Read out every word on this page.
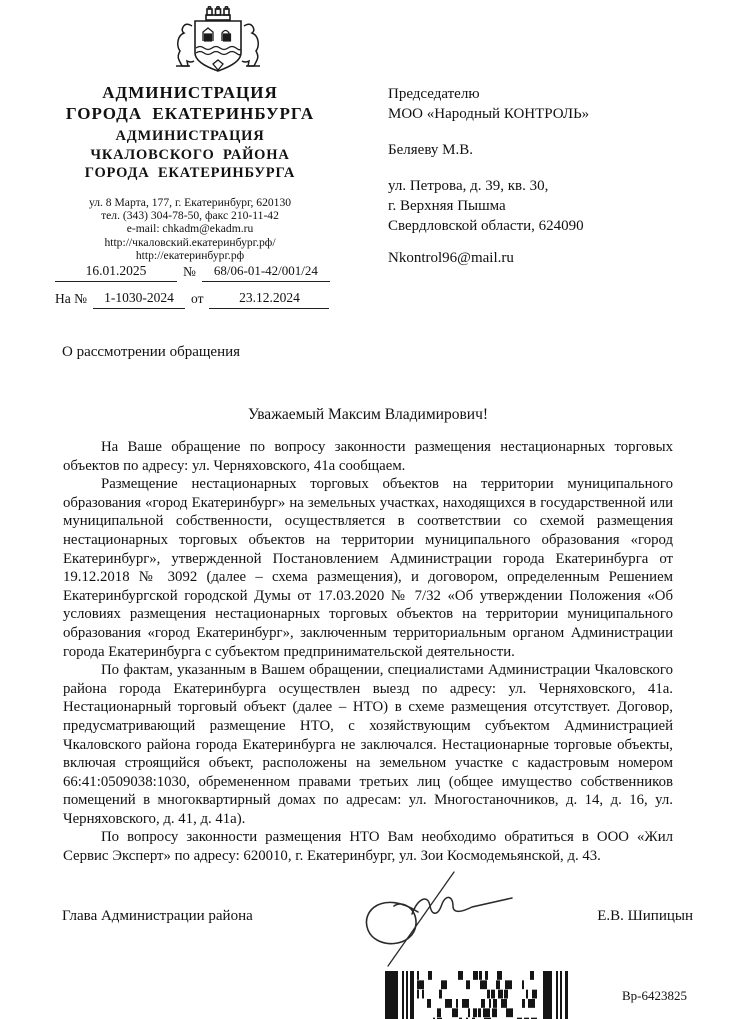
АДМИНИСТРАЦИЯ
ГОРОДА ЕКАТЕРИНБУРГА
АДМИНИСТРАЦИЯ
ЧКАЛОВСКОГО РАЙОНА
ГОРОДА ЕКАТЕРИНБУРГА
ул. 8 Марта, 177, г. Екатеринбург, 620130
тел. (343) 304-78-50, факс 210-11-42
e-mail: chkadm@ekadm.ru
http://чкаловский.екатеринбург.рф/
http://екатеринбург.рф
16.01.2025	№	68/06-01-42/001/24
На №	1-1030-2024	от	23.12.2024
Председателю
МОО «Народный КОНТРОЛЬ»
Беляеву М.В.
ул. Петрова, д. 39, кв. 30,
г. Верхняя Пышма
Свердловской области, 624090
Nkontrol96@mail.ru
О рассмотрении обращения
Уважаемый Максим Владимирович!

На Ваше обращение по вопросу законности размещения нестационарных торговых объектов по адресу: ул. Черняховского, 41а сообщаем.

Размещение нестационарных торговых объектов на территории муниципального образования «город Екатеринбург» на земельных участках, находящихся в государственной или муниципальной собственности, осуществляется в соответствии со схемой размещения нестационарных торговых объектов на территории муниципального образования «город Екатеринбург», утвержденной Постановлением Администрации города Екатеринбурга от 19.12.2018 № 3092 (далее – схема размещения), и договором, определенным Решением Екатеринбургской городской Думы от 17.03.2020 № 7/32 «Об утверждении Положения «Об условиях размещения нестационарных торговых объектов на территории муниципального образования «город Екатеринбург», заключенным территориальным органом Администрации города Екатеринбурга с субъектом предпринимательской деятельности.

По фактам, указанным в Вашем обращении, специалистами Администрации Чкаловского района города Екатеринбурга осуществлен выезд по адресу: ул. Черняховского, 41а. Нестационарный торговый объект (далее – НТО) в схеме размещения отсутствует. Договор, предусматривающий размещение НТО, с хозяйствующим субъектом Администрацией Чкаловского района города Екатеринбурга не заключался. Нестационарные торговые объекты, включая строящийся объект, расположены на земельном участке с кадастровым номером 66:41:0509038:1030, обремененном правами третьих лиц (общее имущество собственников помещений в многоквартирный домах по адресам: ул. Многостаночников, д. 14, д. 16, ул. Черняховского, д. 41, д. 41а).

По вопросу законности размещения НТО Вам необходимо обратиться в ООО «Жил Сервис Эксперт» по адресу: 620010, г. Екатеринбург, ул. Зои Космодемьянской, д. 43.

Глава Администрации района	Е.В. Шипицын
Вр-6423825
